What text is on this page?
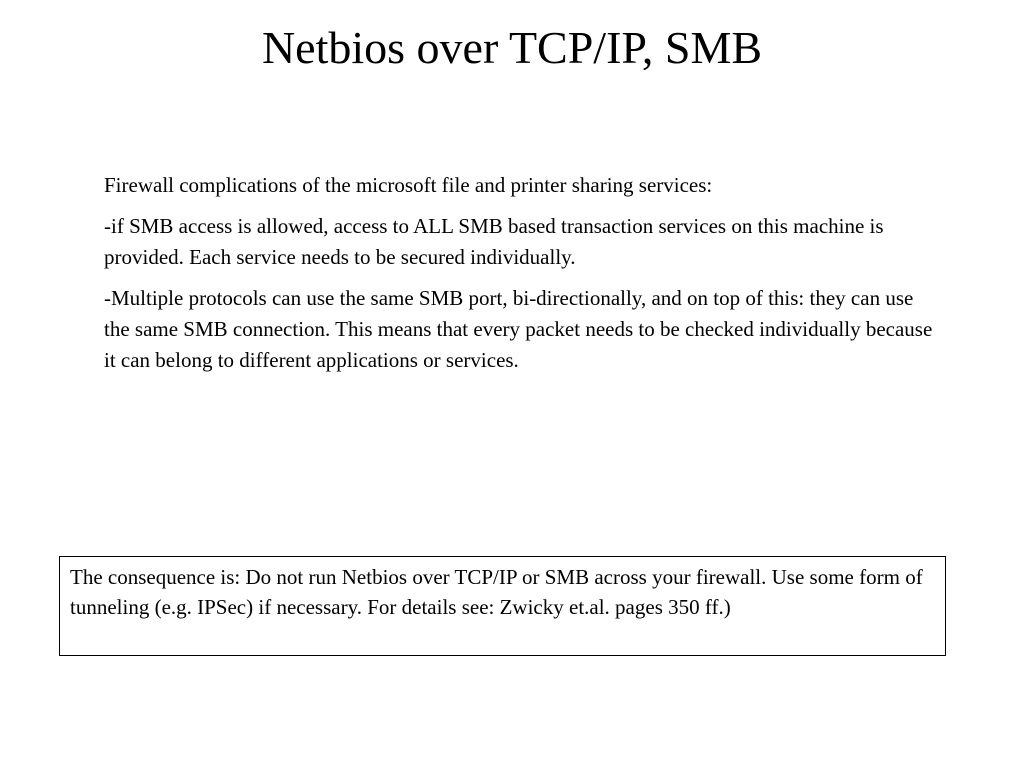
Netbios over TCP/IP, SMB

Firewall complications of the microsoft file and printer sharing services:

-if SMB access is allowed, access to ALL SMB based transaction services on this machine is provided. Each service needs to be secured individually.

-Multiple protocols can use the same SMB port, bi-directionally, and on top of this: they can use the same SMB connection. This means that every packet needs to be checked individually because it can belong to different applications or services.

The consequence is: Do not run Netbios over TCP/IP or SMB across your firewall. Use some form of tunneling (e.g. IPSec) if necessary. For details see: Zwicky et.al. pages 350 ff.)
